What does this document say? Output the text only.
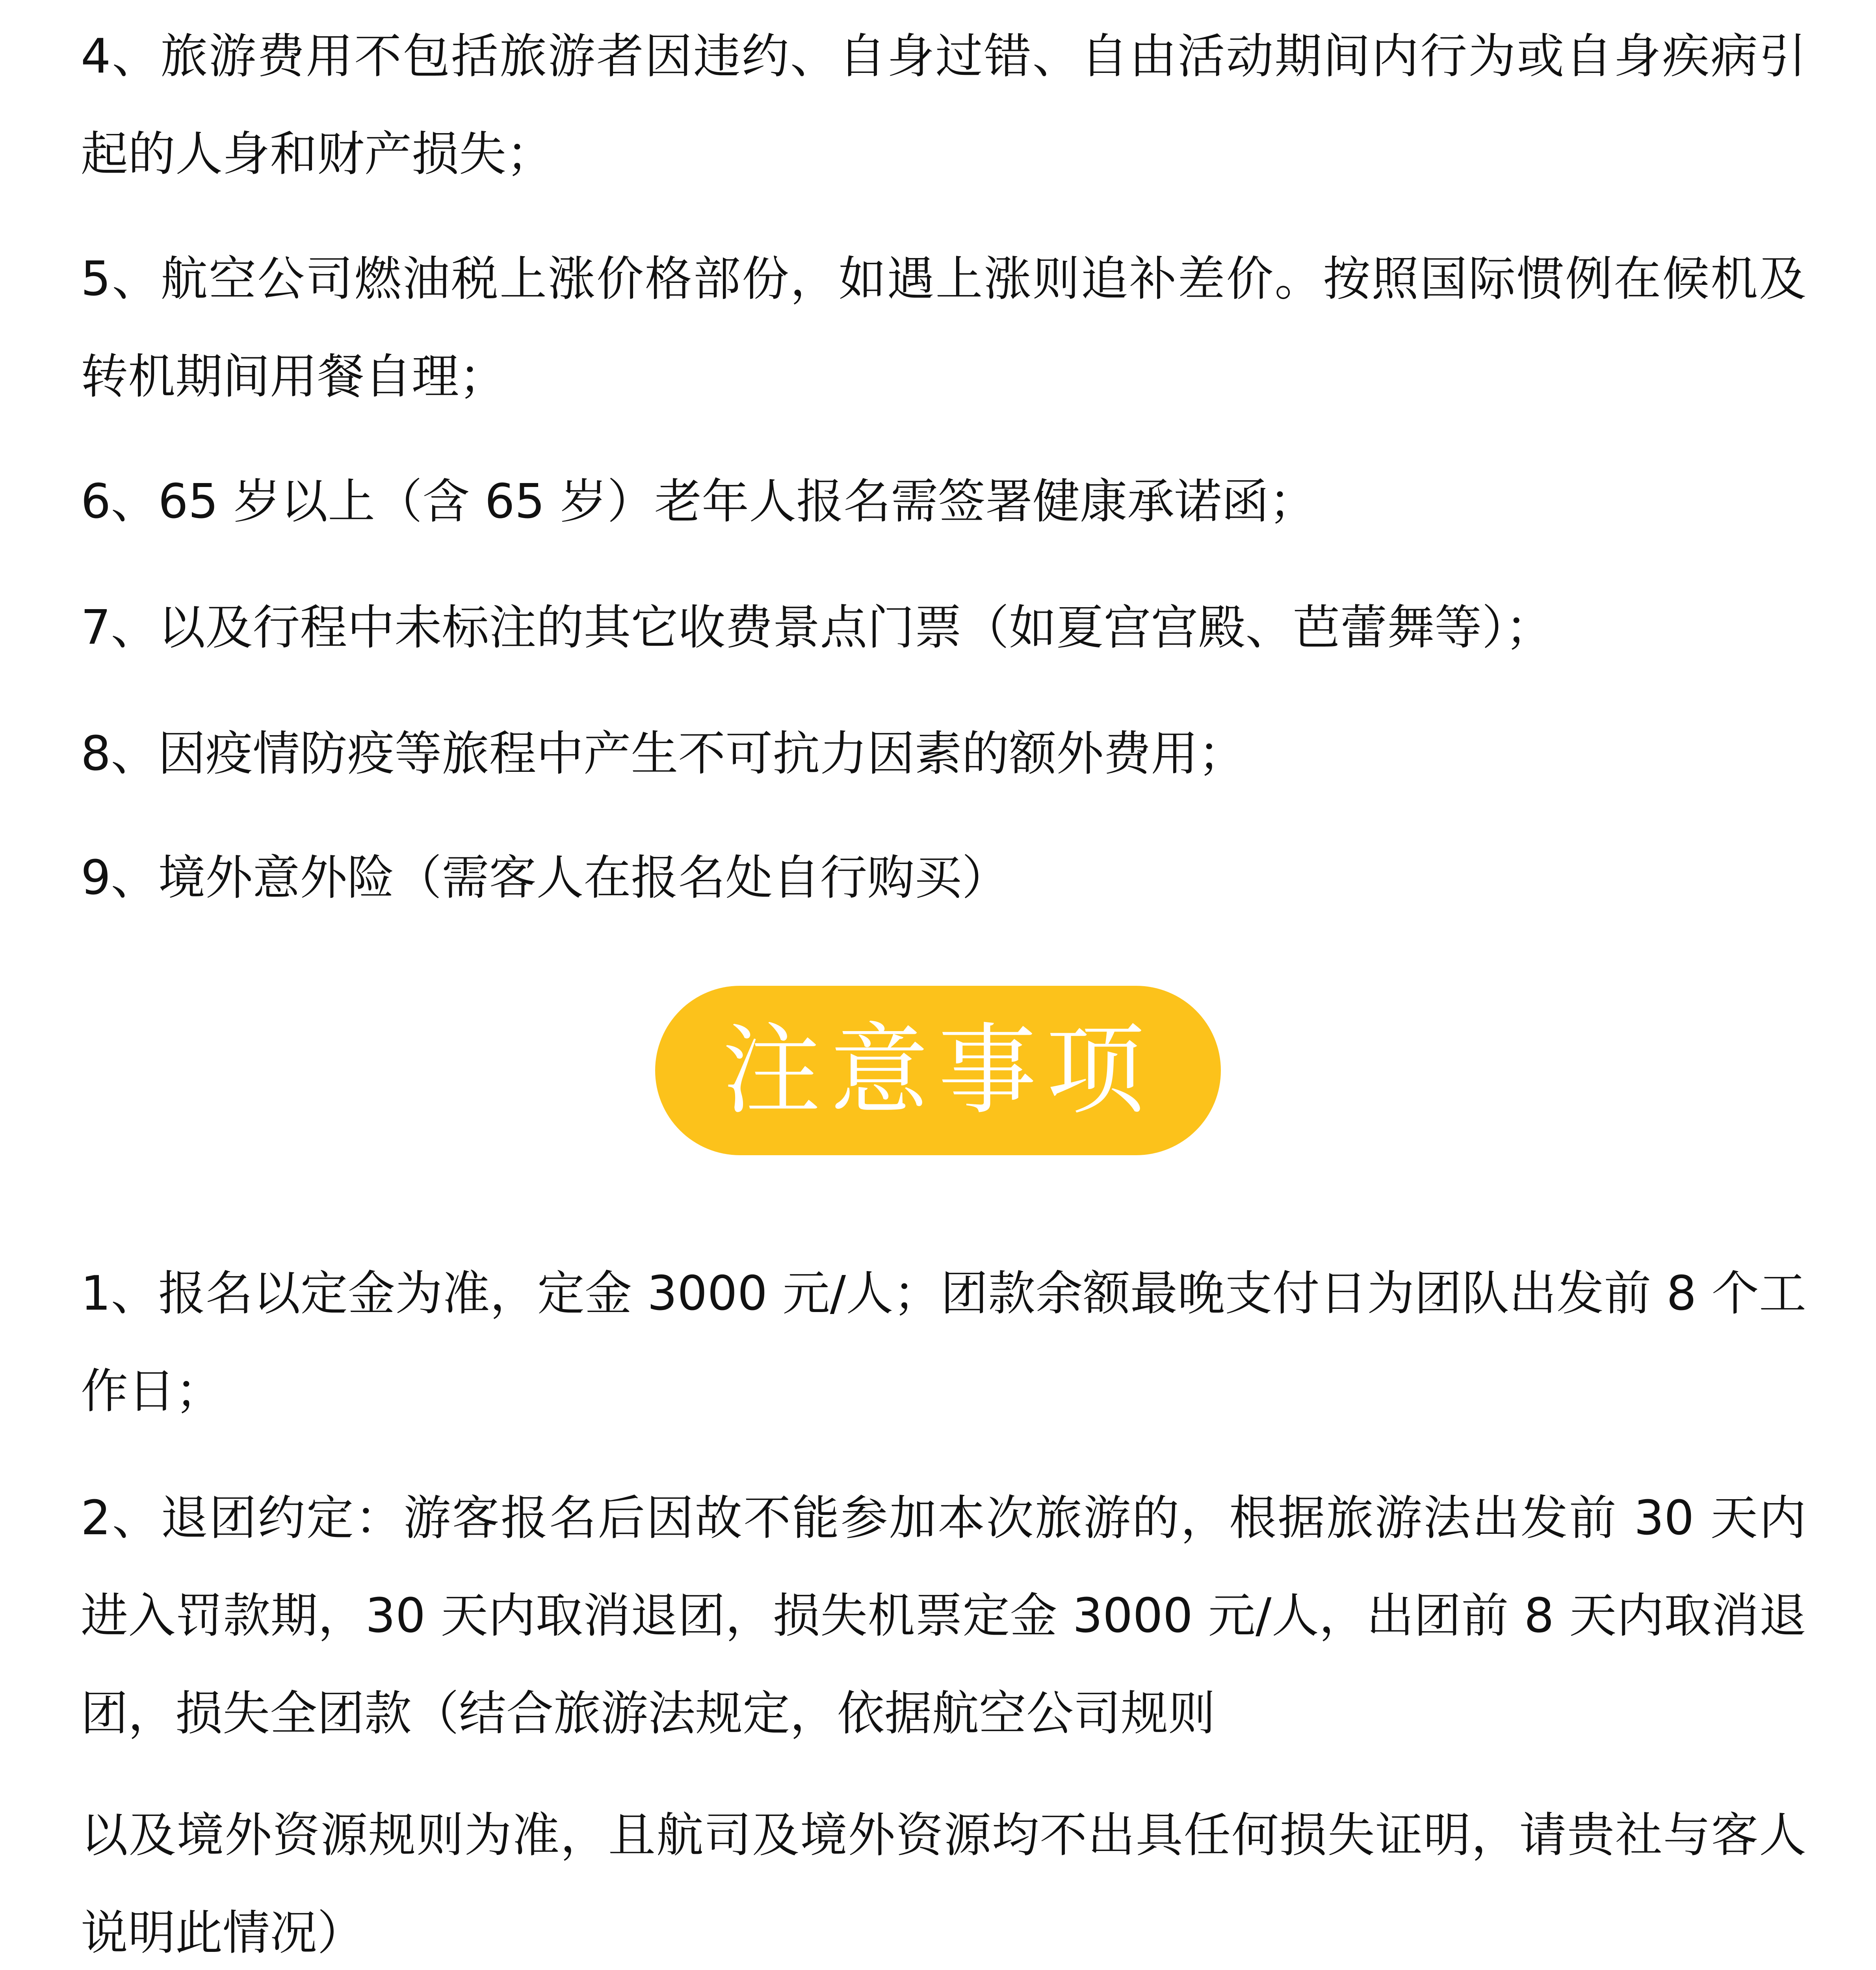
4、旅游费用不包括旅游者因违约、自身过错、自由活动期间内行为或自身疾病引起的人身和财产损失；

5、航空公司燃油税上涨价格部份，如遇上涨则追补差价。按照国际惯例在候机及转机期间用餐自理；

6、65 岁以上（含 65 岁）老年人报名需签署健康承诺函；

7、以及行程中未标注的其它收费景点门票（如夏宫宫殿、芭蕾舞等）；

8、因疫情防疫等旅程中产生不可抗力因素的额外费用；

9、境外意外险（需客人在报名处自行购买）

注意事项

1、报名以定金为准，定金 3000 元/人；团款余额最晚支付日为团队出发前 8 个工作日；

2、退团约定：游客报名后因故不能参加本次旅游的，根据旅游法出发前 30 天内进入罚款期，30 天内取消退团，损失机票定金 3000 元/人，出团前 8 天内取消退团，损失全团款（结合旅游法规定，依据航空公司规则

以及境外资源规则为准，且航司及境外资源均不出具任何损失证明，请贵社与客人说明此情况）
